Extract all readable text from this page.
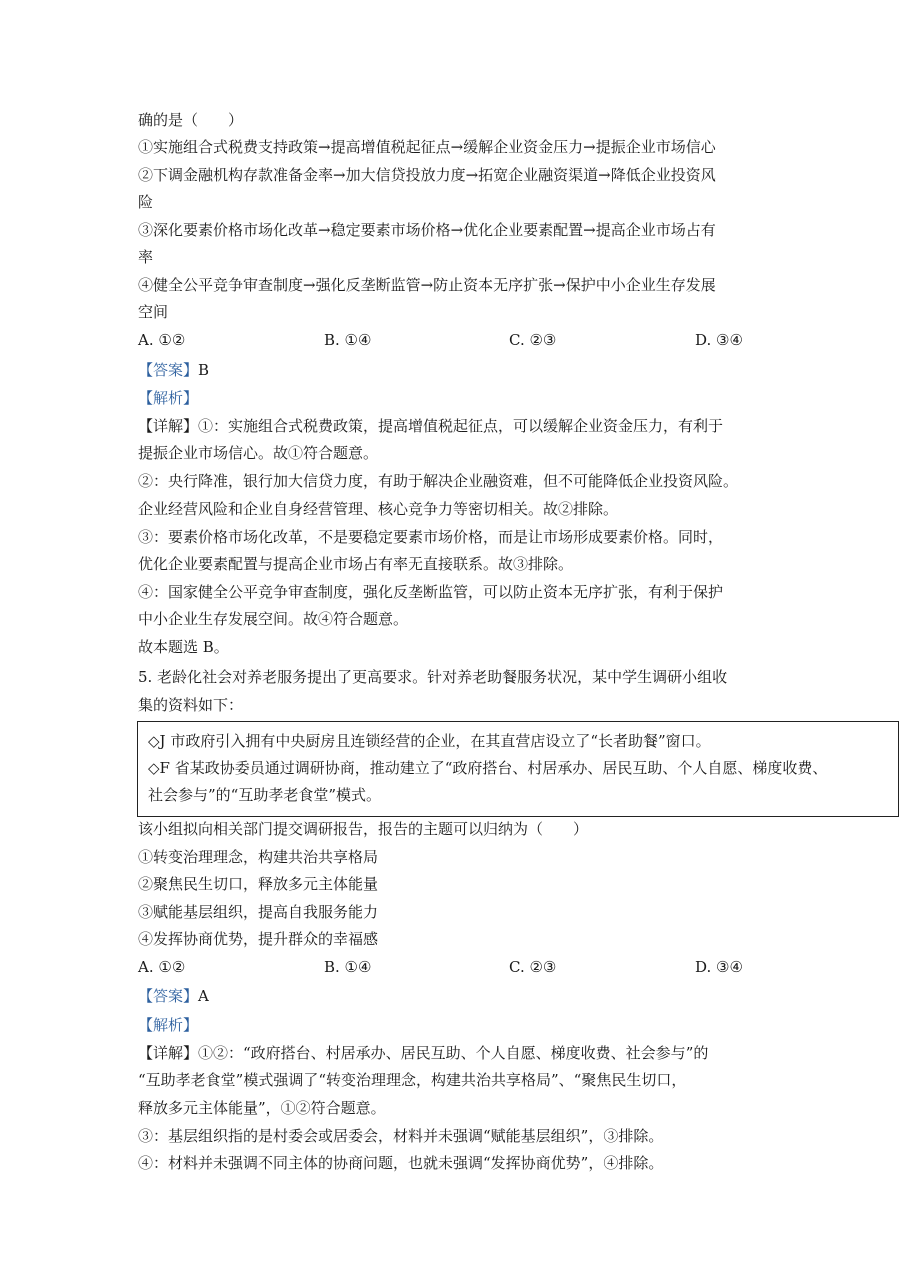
确的是（　　）
①实施组合式税费支持政策→提高增值税起征点→缓解企业资金压力→提振企业市场信心
②下调金融机构存款准备金率→加大信贷投放力度→拓宽企业融资渠道→降低企业投资风
险
③深化要素价格市场化改革→稳定要素市场价格→优化企业要素配置→提高企业市场占有
率
④健全公平竞争审查制度→强化反垄断监管→防止资本无序扩张→保护中小企业生存发展
空间
A. ①②	B. ①④	C. ②③	D. ③④
【答案】B
【解析】
【详解】①：实施组合式税费政策，提高增值税起征点，可以缓解企业资金压力，有利于
提振企业市场信心。故①符合题意。
②：央行降准，银行加大信贷力度，有助于解决企业融资难，但不可能降低企业投资风险。
企业经营风险和企业自身经营管理、核心竞争力等密切相关。故②排除。
③：要素价格市场化改革，不是要稳定要素市场价格，而是让市场形成要素价格。同时，
优化企业要素配置与提高企业市场占有率无直接联系。故③排除。
④：国家健全公平竞争审查制度，强化反垄断监管，可以防止资本无序扩张，有利于保护
中小企业生存发展空间。故④符合题意。
故本题选 B。
5. 老龄化社会对养老服务提出了更高要求。针对养老助餐服务状况，某中学生调研小组收
集的资料如下：
◇J 市政府引入拥有中央厨房且连锁经营的企业，在其直营店设立了“长者助餐”窗口。
◇F 省某政协委员通过调研协商，推动建立了“政府搭台、村居承办、居民互助、个人自愿、梯度收费、
社会参与”的“互助孝老食堂”模式。
该小组拟向相关部门提交调研报告，报告的主题可以归纳为（　　）
①转变治理理念，构建共治共享格局
②聚焦民生切口，释放多元主体能量
③赋能基层组织，提高自我服务能力
④发挥协商优势，提升群众的幸福感
A. ①②	B. ①④	C. ②③	D. ③④
【答案】A
【解析】
【详解】①②：“政府搭台、村居承办、居民互助、个人自愿、梯度收费、社会参与”的
“互助孝老食堂”模式强调了“转变治理理念，构建共治共享格局”、“聚焦民生切口，
释放多元主体能量”，①②符合题意。
③：基层组织指的是村委会或居委会，材料并未强调“赋能基层组织”，③排除。
④：材料并未强调不同主体的协商问题，也就未强调“发挥协商优势”，④排除。
